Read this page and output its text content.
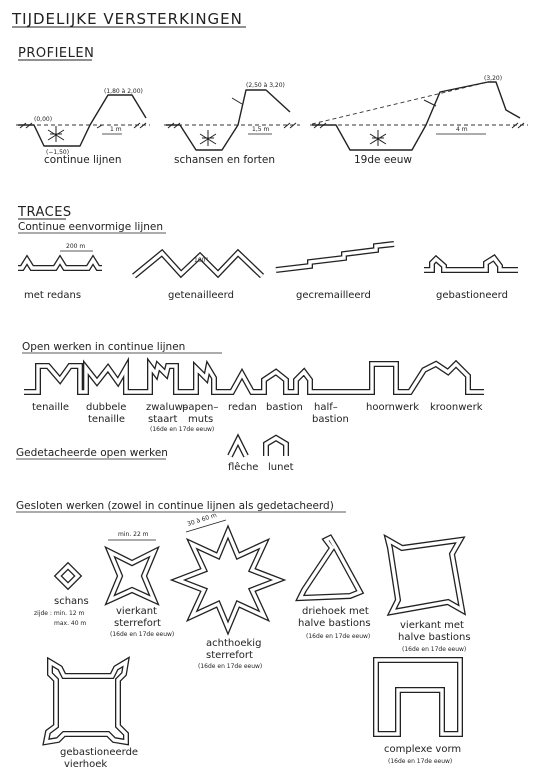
TIJDELIJKE VERSTERKINGEN
PROFIELEN
(0,00)
(1,80 à 2,00)
(−1,50)
1 m
continue lijnen
(2,50 à 3,20)
1,5 m
schansen en forten
(3,20)
4 m
19de eeuw
TRACES
Continue eenvormige lijnen
200 m
met redans
100°
getenailleerd	gecremailleerd	gebastioneerd
Open werken in continue lijnen
tenaille dubbele
tenaille
zwaluw–
staart
papen–
muts
(16de en 17de eeuw)
redan bastion half–
bastion
hoornwerk kroonwerk
Gedetacheerde open werken
flêche lunet
Gesloten werken (zowel in continue lijnen als gedetacheerd)
schans
zijde : min. 12 m
max. 40 m
min. 22 m
vierkant
sterrefort
(16de en 17de eeuw)
30 à 60 m
achthoekig
sterrefort
(16de en 17de eeuw)
driehoek met
halve bastions
(16de en 17de eeuw)
vierkant met
halve bastions
(16de en 17de eeuw)
gebastioneerde
vierhoek
complexe vorm
(16de en 17de eeuw)
